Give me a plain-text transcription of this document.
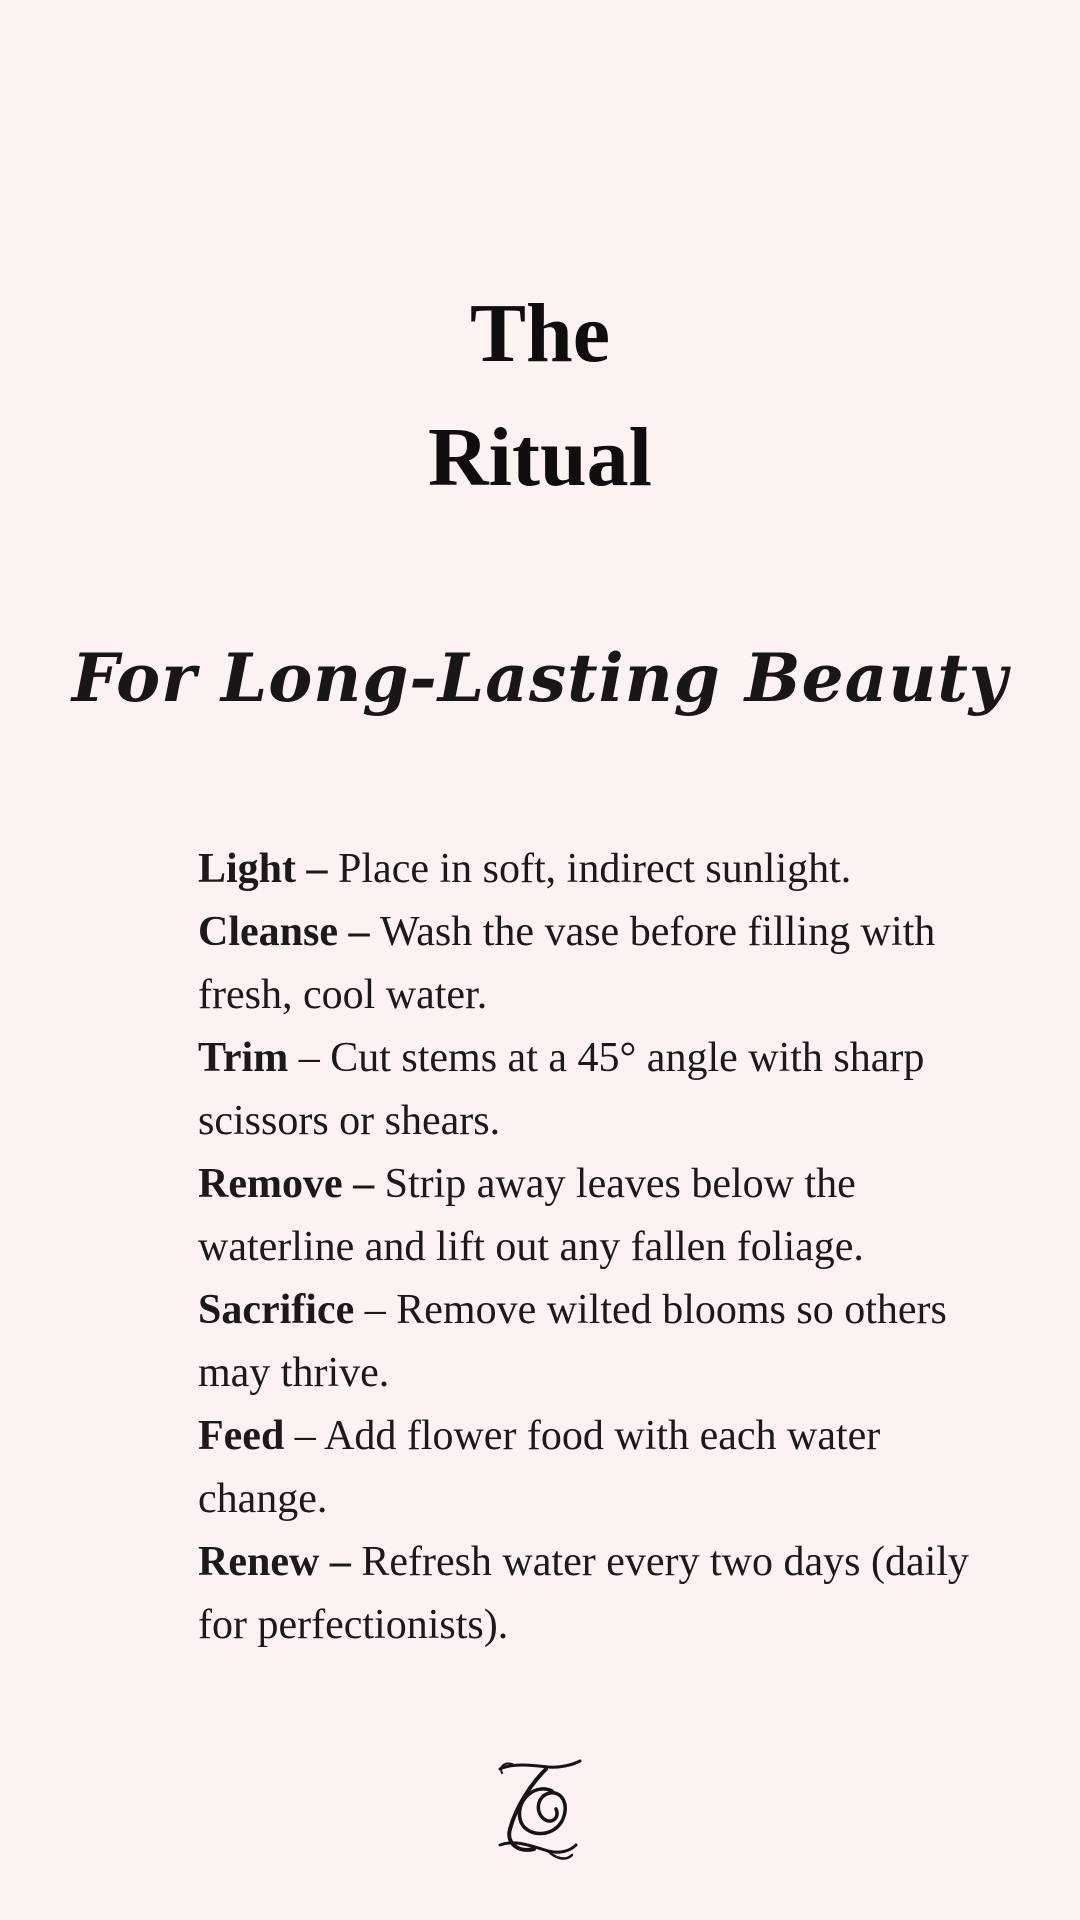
The
Ritual
For Long-Lasting Beauty
Light – Place in soft, indirect sunlight.
Cleanse – Wash the vase before filling with fresh, cool water.
Trim – Cut stems at a 45° angle with sharp scissors or shears.
Remove – Strip away leaves below the waterline and lift out any fallen foliage.
Sacrifice – Remove wilted blooms so others may thrive.
Feed – Add flower food with each water change.
Renew – Refresh water every two days (daily for perfectionists).
